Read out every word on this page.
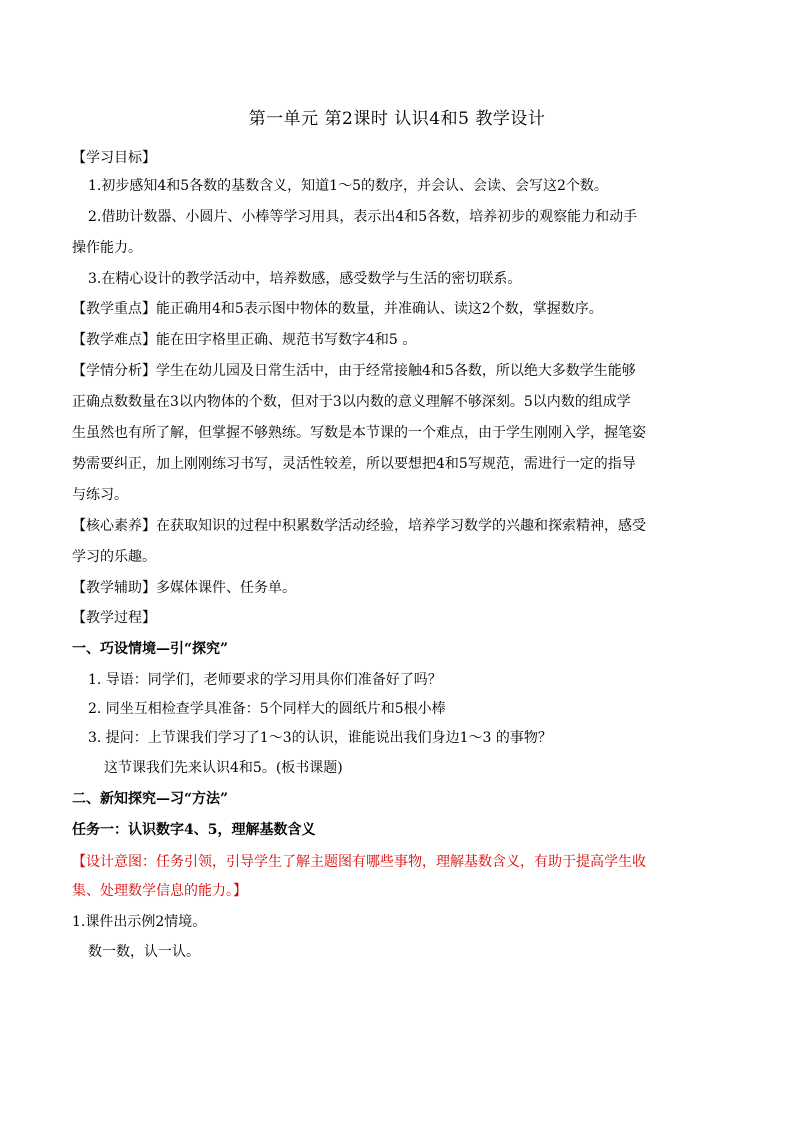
第一单元 第2课时 认识4和5 教学设计
【学习目标】
1.初步感知4和5各数的基数含义，知道1～5的数序，并会认、会读、会写这2个数。
2.借助计数器、小圆片、小棒等学习用具，表示出4和5各数，培养初步的观察能力和动手
操作能力。
3.在精心设计的教学活动中，培养数感，感受数学与生活的密切联系。
【教学重点】能正确用4和5表示图中物体的数量，并准确认、读这2个数，掌握数序。
【教学难点】能在田字格里正确、规范书写数字4和5 。
【学情分析】学生在幼儿园及日常生活中，由于经常接触4和5各数，所以绝大多数学生能够
正确点数数量在3以内物体的个数，但对于3以内数的意义理解不够深刻。5以内数的组成学
生虽然也有所了解，但掌握不够熟练。写数是本节课的一个难点，由于学生刚刚入学，握笔姿
势需要纠正，加上刚刚练习书写，灵活性较差，所以要想把4和5写规范，需进行一定的指导
与练习。
【核心素养】在获取知识的过程中积累数学活动经验，培养学习数学的兴趣和探索精神，感受
学习的乐趣。
【教学辅助】多媒体课件、任务单。
【教学过程】
一、巧设情境—引“探究”
1. 导语：同学们，老师要求的学习用具你们准备好了吗？
2. 同坐互相检查学具准备：5个同样大的圆纸片和5根小棒
3. 提问：上节课我们学习了1～3的认识，谁能说出我们身边1～3 的事物？
这节课我们先来认识4和5。(板书课题)
二、新知探究—习“方法”
任务一：认识数字4、5，理解基数含义
【设计意图：任务引领，引导学生了解主题图有哪些事物，理解基数含义，有助于提高学生收
集、处理数学信息的能力。】
1.课件出示例2情境。
数一数，认一认。
